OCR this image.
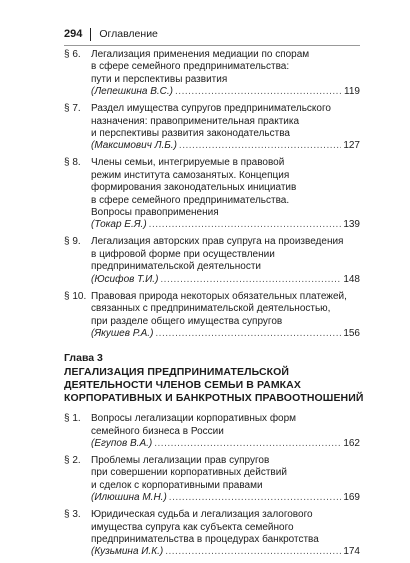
294 Оглавление
§ 6.	Легализация применения медиации по спорам
в сфере семейного предпринимательства:
пути и перспективы развития
(Лепешкина В.С.) .....	119
§ 7.	Раздел имущества супругов предпринимательского
назначения: правоприменительная практика
и перспективы развития законодательства
(Максимович Л.Б.) .....	127
§ 8.	Члены семьи, интегрируемые в правовой
режим института самозанятых. Концепция
формирования законодательных инициатив
в сфере семейного предпринимательства.
Вопросы правоприменения
(Токар Е.Я.) .....	139
§ 9.	Легализация авторских прав супруга на произведения
в цифровой форме при осуществлении
предпринимательской деятельности
(Юсифов Т.И.) .....	148
§ 10. Правовая природа некоторых обязательных платежей,
связанных с предпринимательской деятельностью,
при разделе общего имущества супругов
(Якушев Р.А.) .....	156
Глава 3
ЛЕГАЛИЗАЦИЯ ПРЕДПРИНИМАТЕЛЬСКОЙ
ДЕЯТЕЛЬНОСТИ ЧЛЕНОВ СЕМЬИ В РАМКАХ
КОРПОРАТИВНЫХ И БАНКРОТНЫХ ПРАВООТНОШЕНИЙ
§ 1.	Вопросы легализации корпоративных форм
семейного бизнеса в России
(Егупов В.А.) .....	162
§ 2.	Проблемы легализации прав супругов
при совершении корпоративных действий
и сделок с корпоративными правами
(Илюшина М.Н.) .....	169
§ 3.	Юридическая судьба и легализация залогового
имущества супруга как субъекта семейного
предпринимательства в процедурах банкротства
(Кузьмина И.К.) .....	174
